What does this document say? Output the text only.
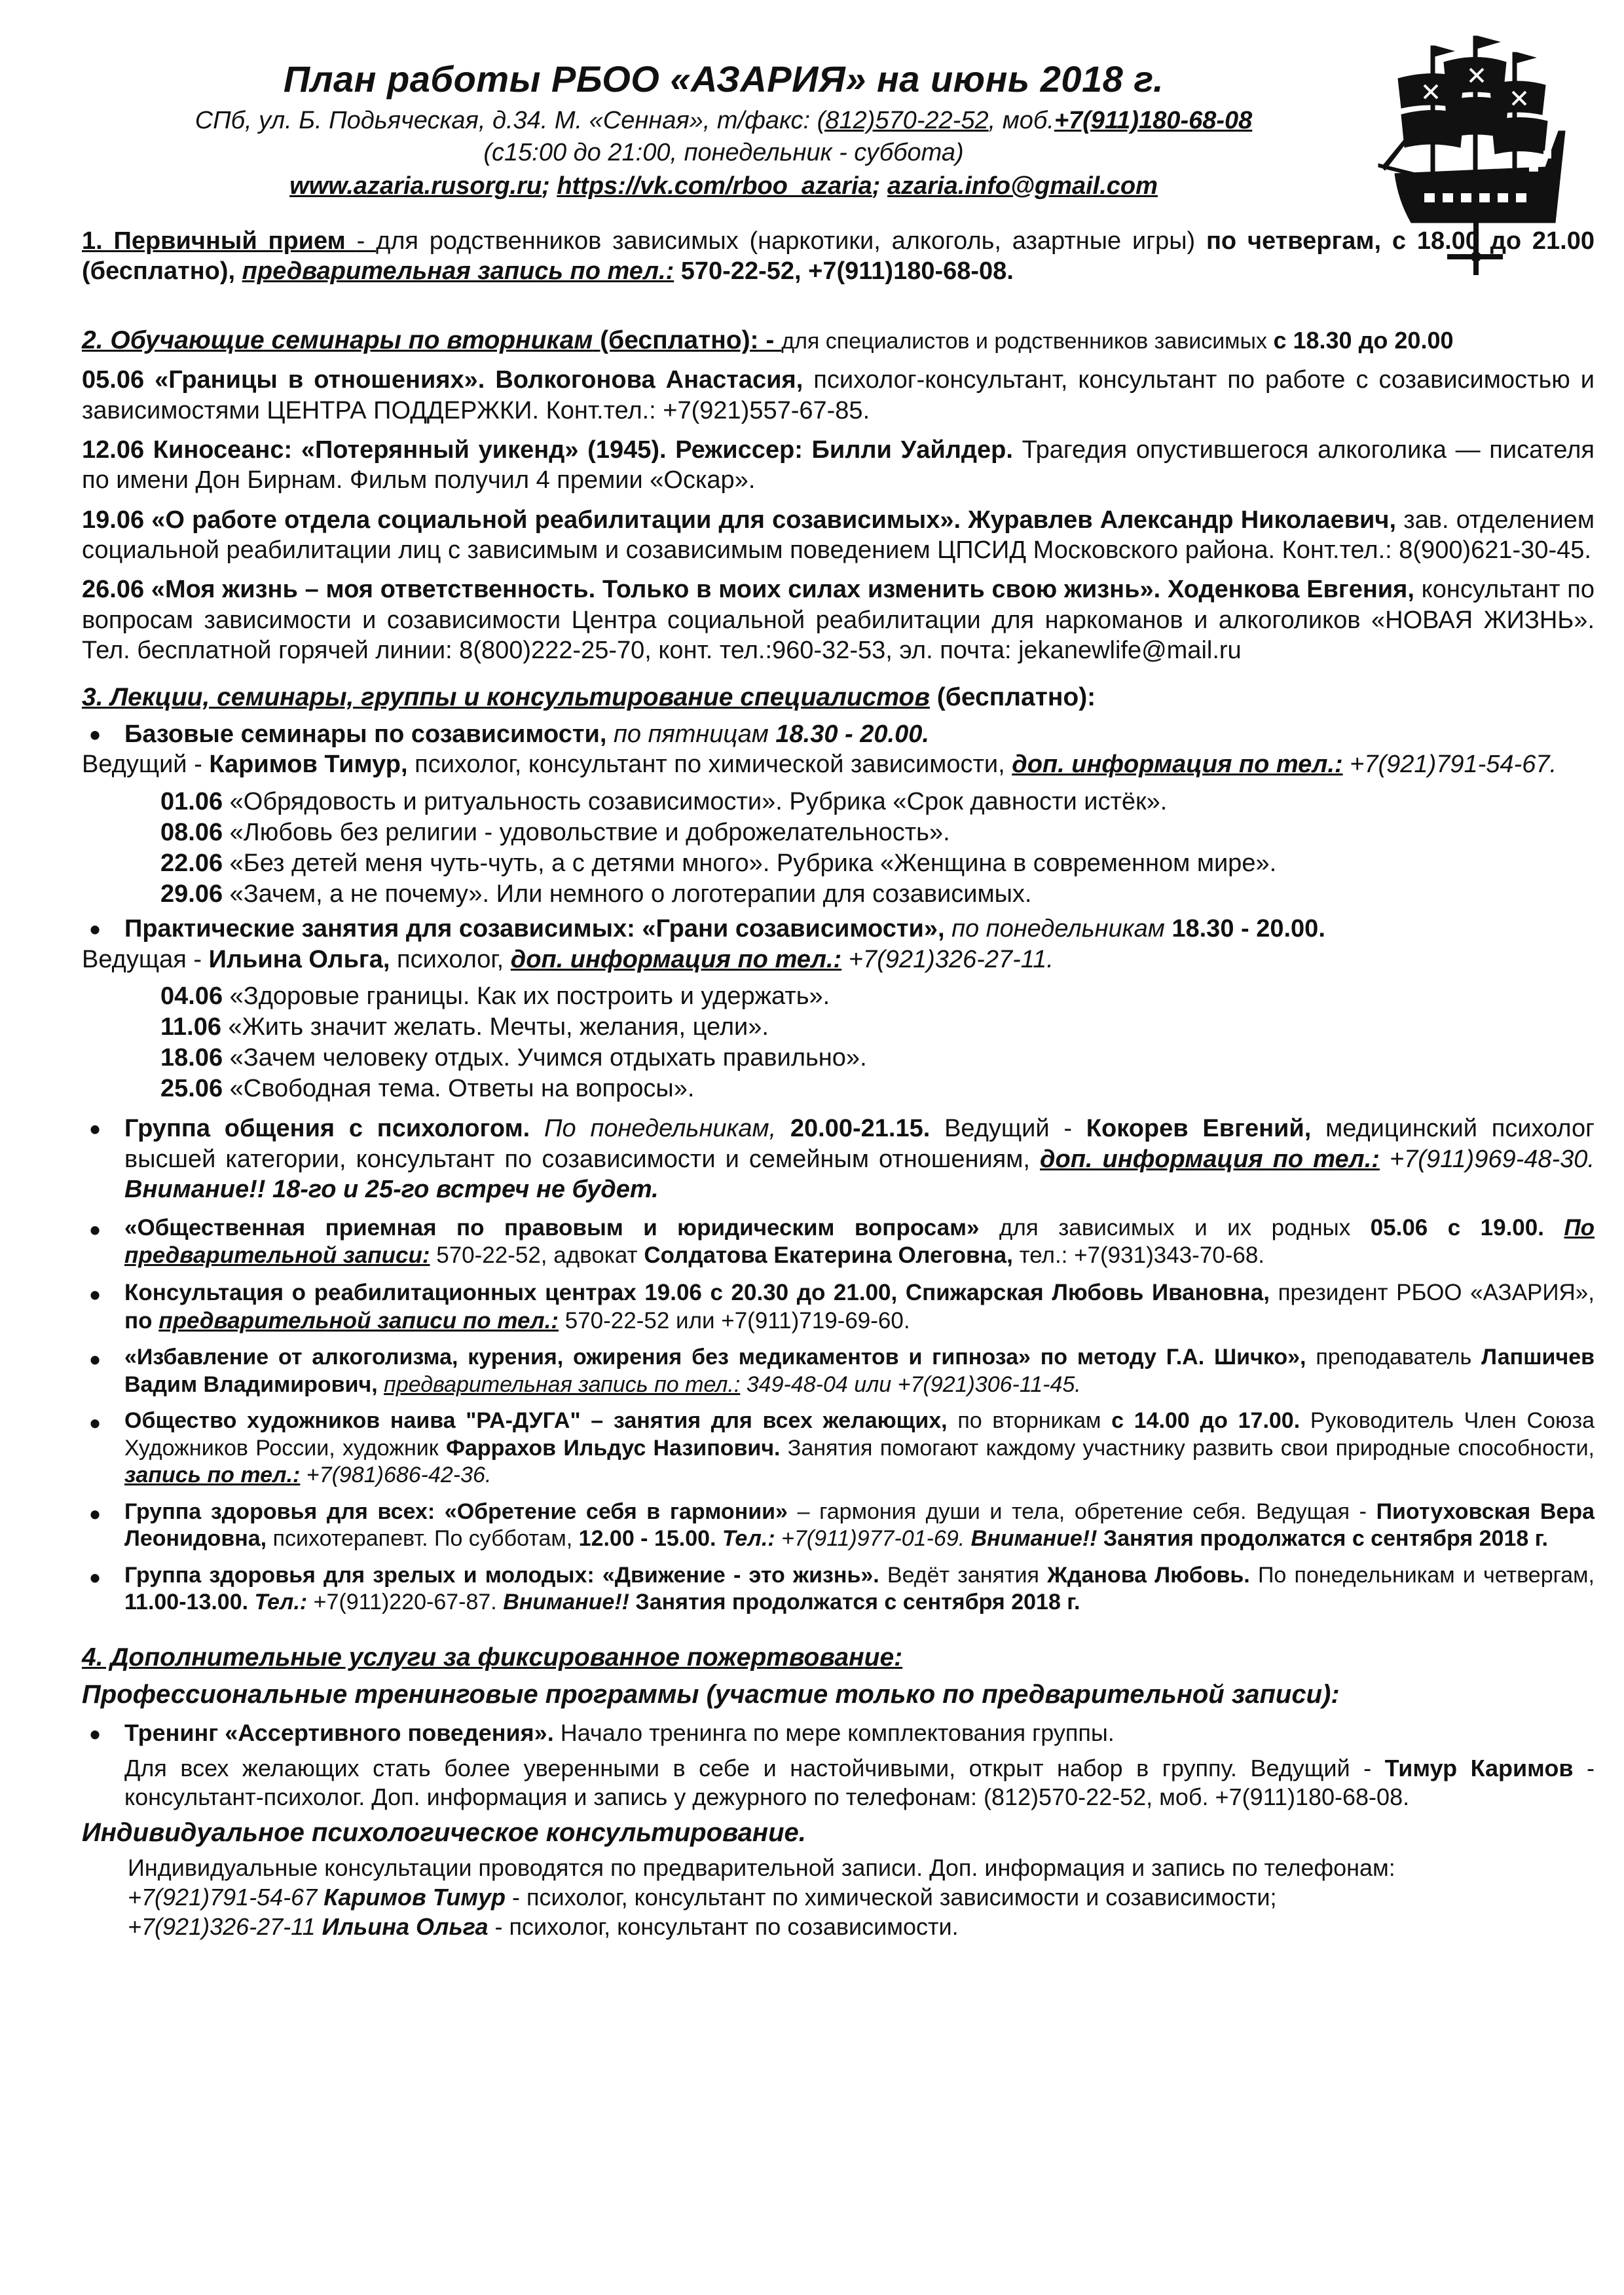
План работы РБОО «АЗАРИЯ» на июнь 2018 г.
СПб, ул. Б. Подьяческая, д.34. М. «Сенная», т/факс: (812)570-22-52, моб.+7(911)180-68-08
(с15:00 до 21:00, понедельник - суббота)
www.azaria.rusorg.ru; https://vk.com/rboo_azaria; azaria.info@gmail.com
1. Первичный прием - для родственников зависимых (наркотики, алкоголь, азартные игры) по четвергам, с 18.00 до 21.00 (бесплатно), предварительная запись по тел.: 570-22-52, +7(911)180-68-08.
2. Обучающие семинары по вторникам (бесплатно): - для специалистов и родственников зависимых с 18.30 до 20.00
05.06 «Границы в отношениях». Волкогонова Анастасия, психолог-консультант, консультант по работе с созависимостью и зависимостями ЦЕНТРА ПОДДЕРЖКИ. Конт.тел.: +7(921)557-67-85.
12.06 Киносеанс: «Потерянный уикенд» (1945). Режиссер: Билли Уайлдер. Трагедия опустившегося алкоголика — писателя по имени Дон Бирнам. Фильм получил 4 премии «Оскар».
19.06 «О работе отдела социальной реабилитации для созависимых». Журавлев Александр Николаевич, зав. отделением социальной реабилитации лиц с зависимым и созависимым поведением ЦПСИД Московского района. Конт.тел.: 8(900)621-30-45.
26.06 «Моя жизнь – моя ответственность. Только в моих силах изменить свою жизнь». Ходенкова Евгения, консультант по вопросам зависимости и созависимости Центра социальной реабилитации для наркоманов и алкоголиков «НОВАЯ ЖИЗНЬ». Тел. бесплатной горячей линии: 8(800)222-25-70, конт. тел.:960-32-53, эл. почта: jekanewlife@mail.ru
3. Лекции, семинары, группы и консультирование специалистов (бесплатно):
• • Базовые семинары по созависимости, по пятницам 18.30 - 20.00.
Ведущий - Каримов Тимур, психолог, консультант по химической зависимости, доп. информация по тел.: +7(921)791-54-67.
01.06 «Обрядовость и ритуальность созависимости». Рубрика «Срок давности истёк».
08.06 «Любовь без религии - удовольствие и доброжелательность».
22.06 «Без детей меня чуть-чуть, а с детями много». Рубрика «Женщина в современном мире».
29.06 «Зачем, а не почему». Или немного о логотерапии для созависимых.
• Практические занятия для созависимых: «Грани созависимости», по понедельникам 18.30 - 20.00.
Ведущая - Ильина Ольга, психолог, доп. информация по тел.: +7(921)326-27-11.
04.06 «Здоровые границы. Как их построить и удержать».
11.06 «Жить значит желать. Мечты, желания, цели».
18.06 «Зачем человеку отдых. Учимся отдыхать правильно».
25.06 «Свободная тема. Ответы на вопросы».
• Группа общения с психологом. По понедельникам, 20.00-21.15. Ведущий - Кокорев Евгений, медицинский психолог высшей категории, консультант по созависимости и семейным отношениям, доп. информация по тел.: +7(911)969-48-30. Внимание!! 18-го и 25-го встреч не будет.
• «Общественная приемная по правовым и юридическим вопросам» для зависимых и их родных 05.06 с 19.00. По предварительной записи: 570-22-52, адвокат Солдатова Екатерина Олеговна, тел.: +7(931)343-70-68.
• Консультация о реабилитационных центрах 19.06 с 20.30 до 21.00, Спижарская Любовь Ивановна, президент РБОО «АЗАРИЯ», по предварительной записи по тел.: 570-22-52 или +7(911)719-69-60.
• «Избавление от алкоголизма, курения, ожирения без медикаментов и гипноза» по методу Г.А. Шичко», преподаватель Лапшичев Вадим Владимирович, предварительная запись по тел.: 349-48-04 или +7(921)306-11-45.
• Общество художников наива "РА-ДУГА" – занятия для всех желающих, по вторникам с 14.00 до 17.00. Руководитель Член Союза Художников России, художник Фаррахов Ильдус Назипович. Занятия помогают каждому участнику развить свои природные способности, запись по тел.: +7(981)686-42-36.
• Группа здоровья для всех: «Обретение себя в гармонии» – гармония души и тела, обретение себя. Ведущая - Пиотуховская Вера Леонидовна, психотерапевт. По субботам, 12.00 - 15.00. Тел.: +7(911)977-01-69. Внимание!! Занятия продолжатся с сентября 2018 г.
• Группа здоровья для зрелых и молодых: «Движение - это жизнь». Ведёт занятия Жданова Любовь. По понедельникам и четвергам, 11.00-13.00. Тел.: +7(911)220-67-87. Внимание!! Занятия продолжатся с сентября 2018 г.
4. Дополнительные услуги за фиксированное пожертвование:
Профессиональные тренинговые программы (участие только по предварительной записи):
• Тренинг «Ассертивного поведения». Начало тренинга по мере комплектования группы.
Для всех желающих стать более уверенными в себе и настойчивыми, открыт набор в группу. Ведущий - Тимур Каримов - консультант-психолог. Доп. информация и запись у дежурного по телефонам: (812)570-22-52, моб. +7(911)180-68-08.
Индивидуальное психологическое консультирование.
Индивидуальные консультации проводятся по предварительной записи. Доп. информация и запись по телефонам:
+7(921)791-54-67 Каримов Тимур - психолог, консультант по химической зависимости и созависимости;
+7(921)326-27-11 Ильина Ольга - психолог, консультант по созависимости.
